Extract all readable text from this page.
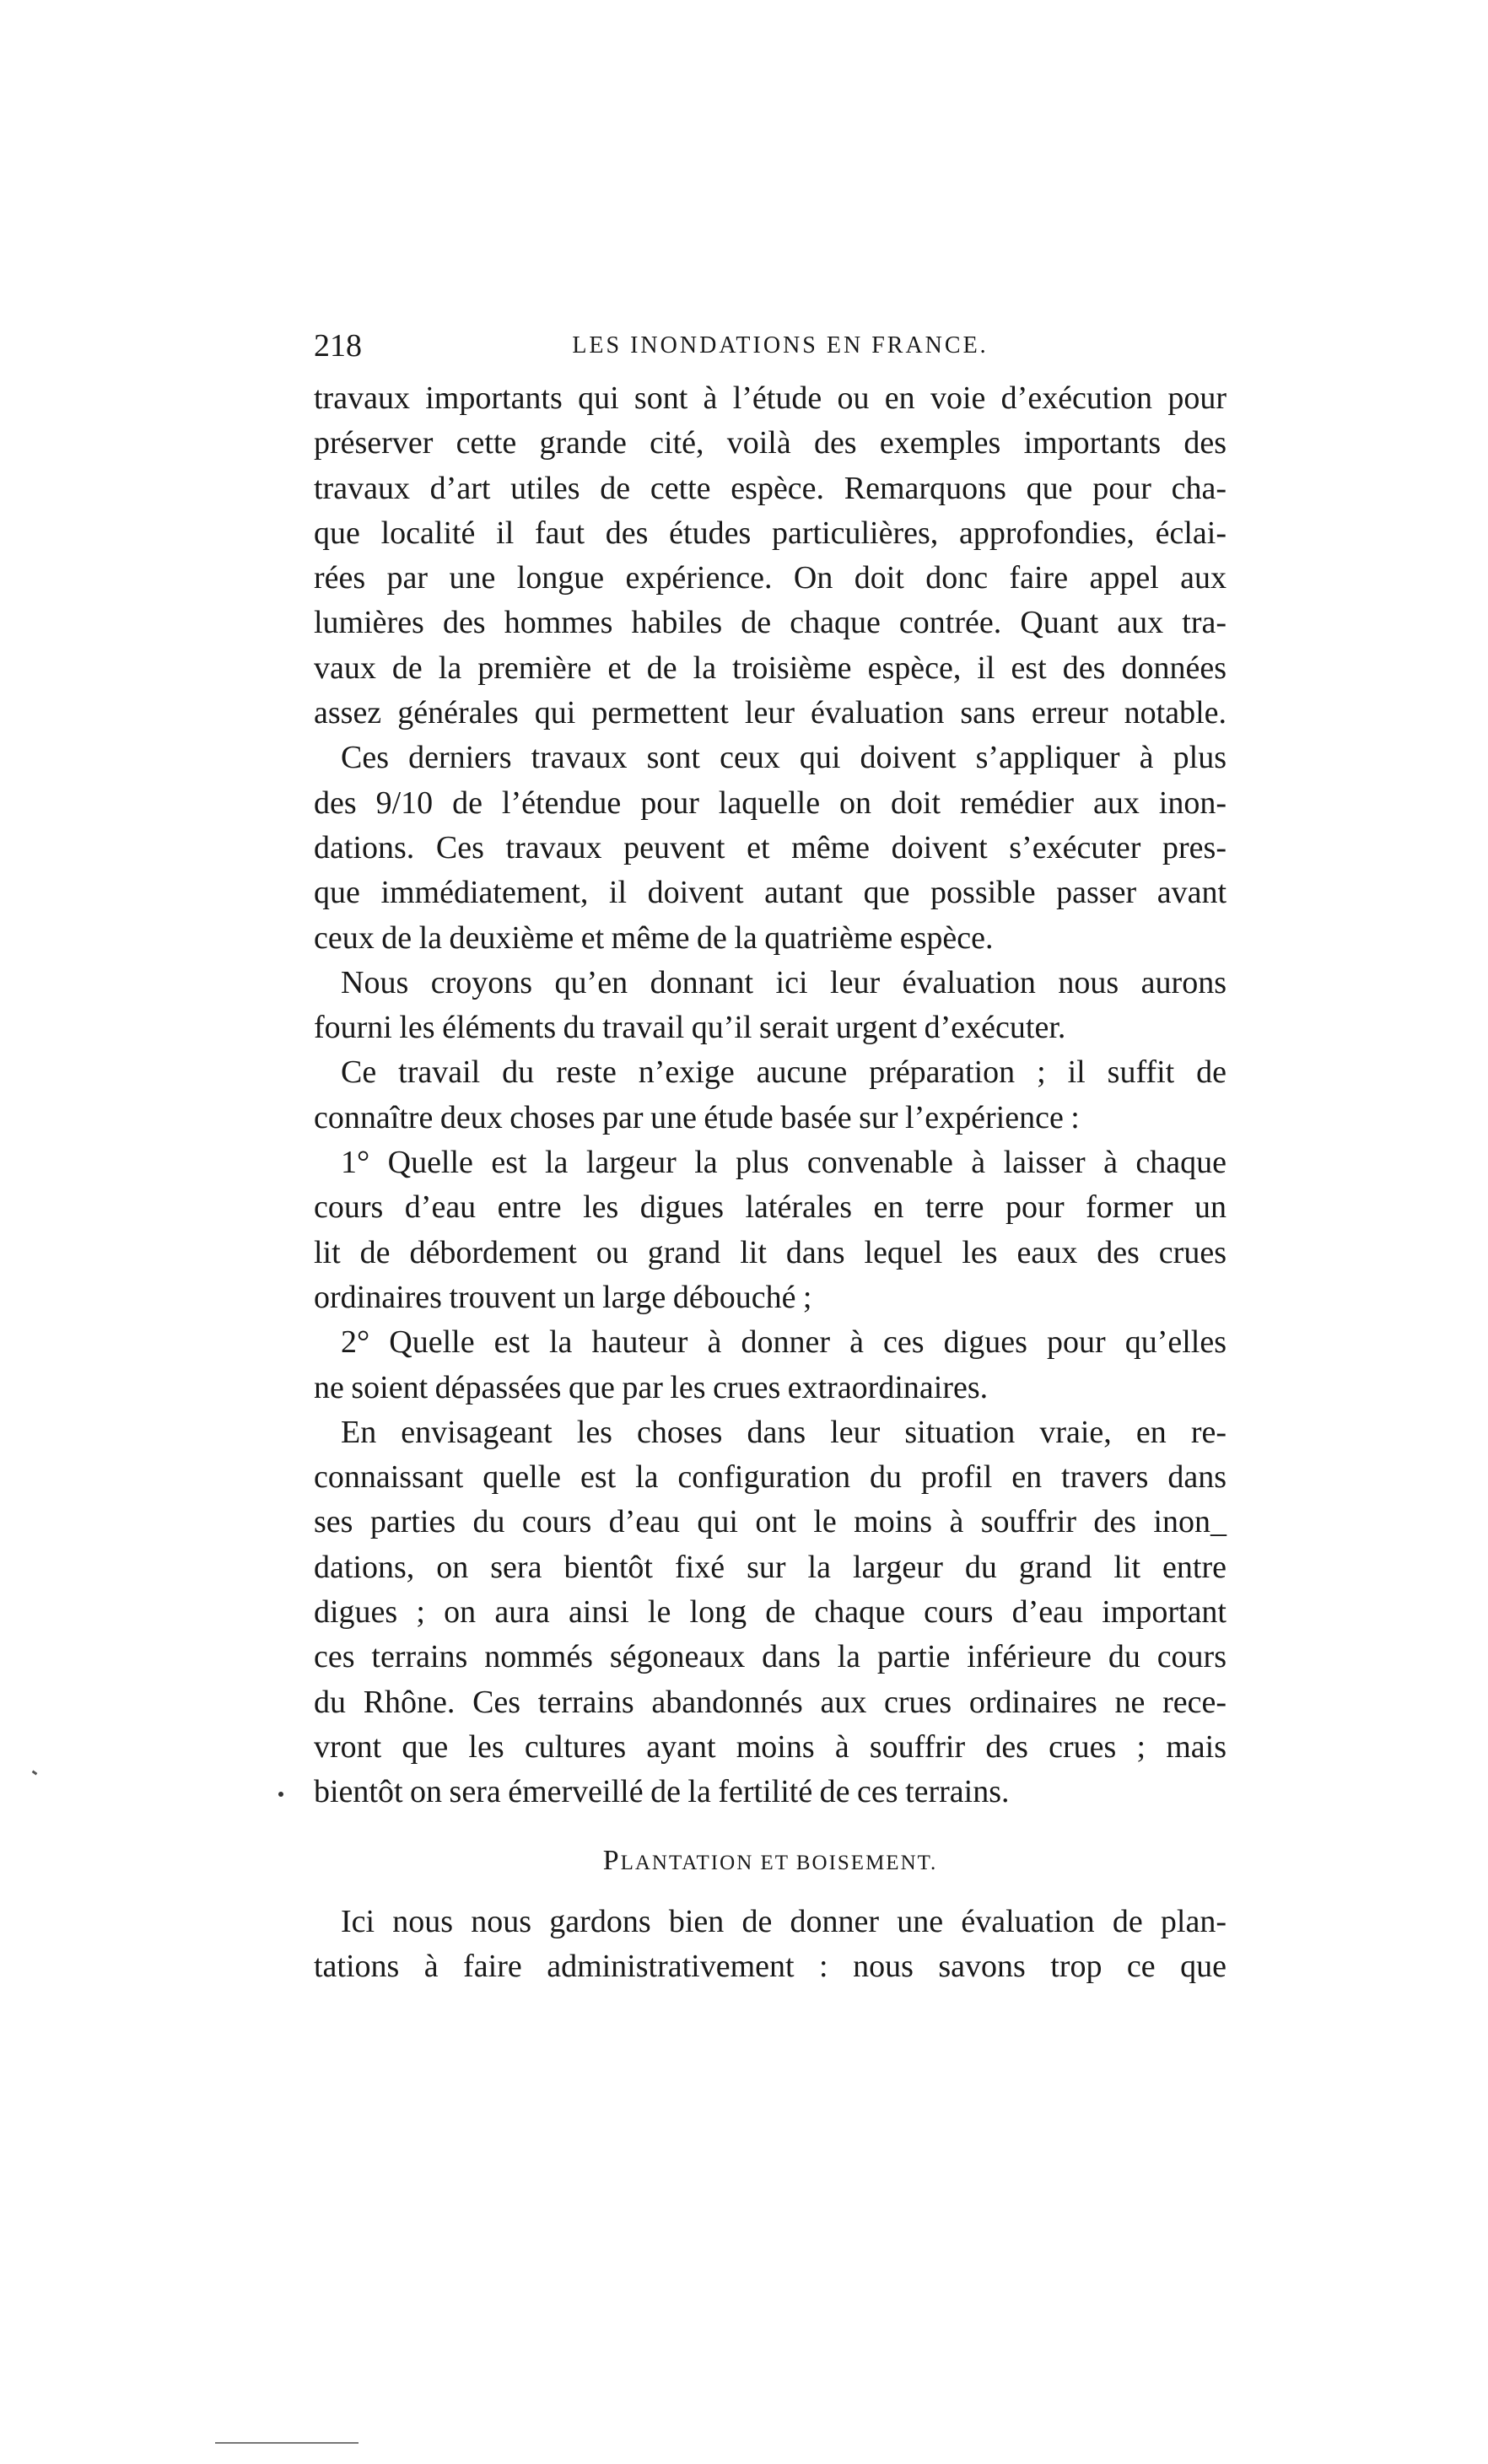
218	LES INONDATIONS EN FRANCE.
travaux importants qui sont à l’étude ou en voie d’exécution pour
préserver cette grande cité, voilà des exemples importants des
travaux d’art utiles de cette espèce. Remarquons que pour cha-
que localité il faut des études particulières, approfondies, éclai-
rées par une longue expérience. On doit donc faire appel aux
lumières des hommes habiles de chaque contrée. Quant aux tra-
vaux de la première et de la troisième espèce, il est des données
assez générales qui permettent leur évaluation sans erreur notable.
Ces derniers travaux sont ceux qui doivent s’appliquer à plus
des 9/10 de l’étendue pour laquelle on doit remédier aux inon-
dations. Ces travaux peuvent et même doivent s’exécuter pres-
que immédiatement, il doivent autant que possible passer avant
ceux de la deuxième et même de la quatrième espèce.
Nous croyons qu’en donnant ici leur évaluation nous aurons
fourni les éléments du travail qu’il serait urgent d’exécuter.
Ce travail du reste n’exige aucune préparation ; il suffit de
connaître deux choses par une étude basée sur l’expérience :
1° Quelle est la largeur la plus convenable à laisser à chaque
cours d’eau entre les digues latérales en terre pour former un
lit de débordement ou grand lit dans lequel les eaux des crues
ordinaires trouvent un large débouché ;
2° Quelle est la hauteur à donner à ces digues pour qu’elles
ne soient dépassées que par les crues extraordinaires.
En envisageant les choses dans leur situation vraie, en re-
connaissant quelle est la configuration du profil en travers dans
ses parties du cours d’eau qui ont le moins à souffrir des inon_
dations, on sera bientôt fixé sur la largeur du grand lit entre
digues ; on aura ainsi le long de chaque cours d’eau important
ces terrains nommés ségoneaux dans la partie inférieure du cours
du Rhône. Ces terrains abandonnés aux crues ordinaires ne rece-
vront que les cultures ayant moins à souffrir des crues ; mais
bientôt on sera émerveillé de la fertilité de ces terrains.
PLANTATION ET BOISEMENT.
Ici nous nous gardons bien de donner une évaluation de plan-
tations à faire administrativement : nous savons trop ce que
